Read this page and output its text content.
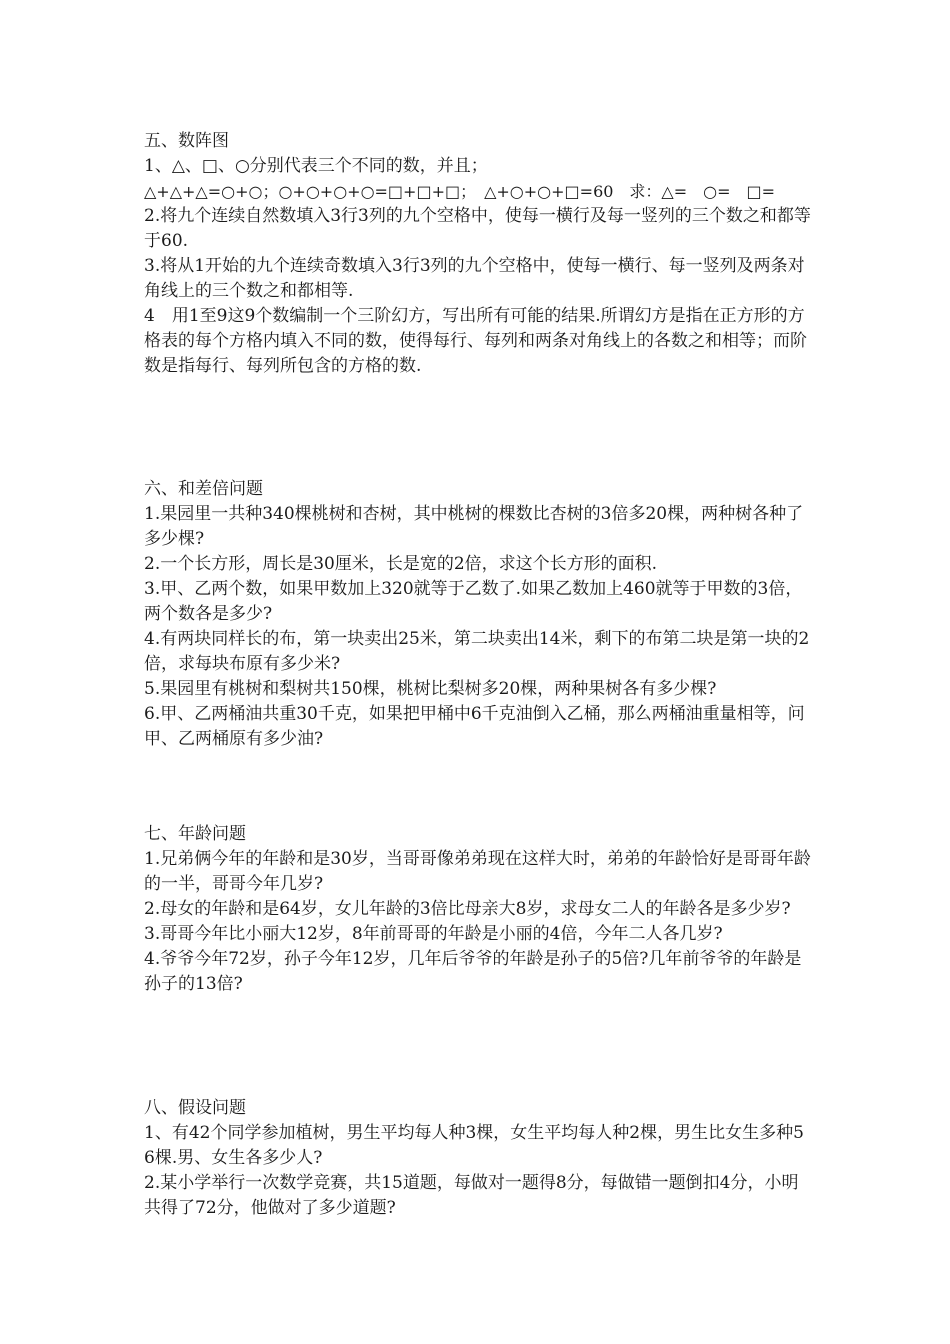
五、数阵图

1、△、□、○分别代表三个不同的数，并且；

△+△+△=○+○；○+○+○+○=□+□+□；　△+○+○+□=60　求：△=　○=　□=

2.将九个连续自然数填入3行3列的九个空格中，使每一横行及每一竖列的三个数之和都等于60.

3.将从1开始的九个连续奇数填入3行3列的九个空格中，使每一横行、每一竖列及两条对角线上的三个数之和都相等.

4　用1至9这9个数编制一个三阶幻方，写出所有可能的结果.所谓幻方是指在正方形的方格表的每个方格内填入不同的数，使得每行、每列和两条对角线上的各数之和相等；而阶数是指每行、每列所包含的方格的数.

六、和差倍问题

1.果园里一共种340棵桃树和杏树，其中桃树的棵数比杏树的3倍多20棵，两种树各种了多少棵?

2.一个长方形，周长是30厘米，长是宽的2倍，求这个长方形的面积.

3.甲、乙两个数，如果甲数加上320就等于乙数了.如果乙数加上460就等于甲数的3倍，两个数各是多少?

4.有两块同样长的布，第一块卖出25米，第二块卖出14米，剩下的布第二块是第一块的2倍，求每块布原有多少米?

5.果园里有桃树和梨树共150棵，桃树比梨树多20棵，两种果树各有多少棵?

6.甲、乙两桶油共重30千克，如果把甲桶中6千克油倒入乙桶，那么两桶油重量相等，问甲、乙两桶原有多少油?

七、年龄问题

1.兄弟俩今年的年龄和是30岁，当哥哥像弟弟现在这样大时，弟弟的年龄恰好是哥哥年龄的一半，哥哥今年几岁?

2.母女的年龄和是64岁，女儿年龄的3倍比母亲大8岁，求母女二人的年龄各是多少岁?

3.哥哥今年比小丽大12岁，8年前哥哥的年龄是小丽的4倍，今年二人各几岁?

4.爷爷今年72岁，孙子今年12岁，几年后爷爷的年龄是孙子的5倍?几年前爷爷的年龄是孙子的13倍?

八、假设问题

1、有42个同学参加植树，男生平均每人种3棵，女生平均每人种2棵，男生比女生多种56棵.男、女生各多少人?

2.某小学举行一次数学竞赛，共15道题，每做对一题得8分，每做错一题倒扣4分，小明共得了72分，他做对了多少道题?
